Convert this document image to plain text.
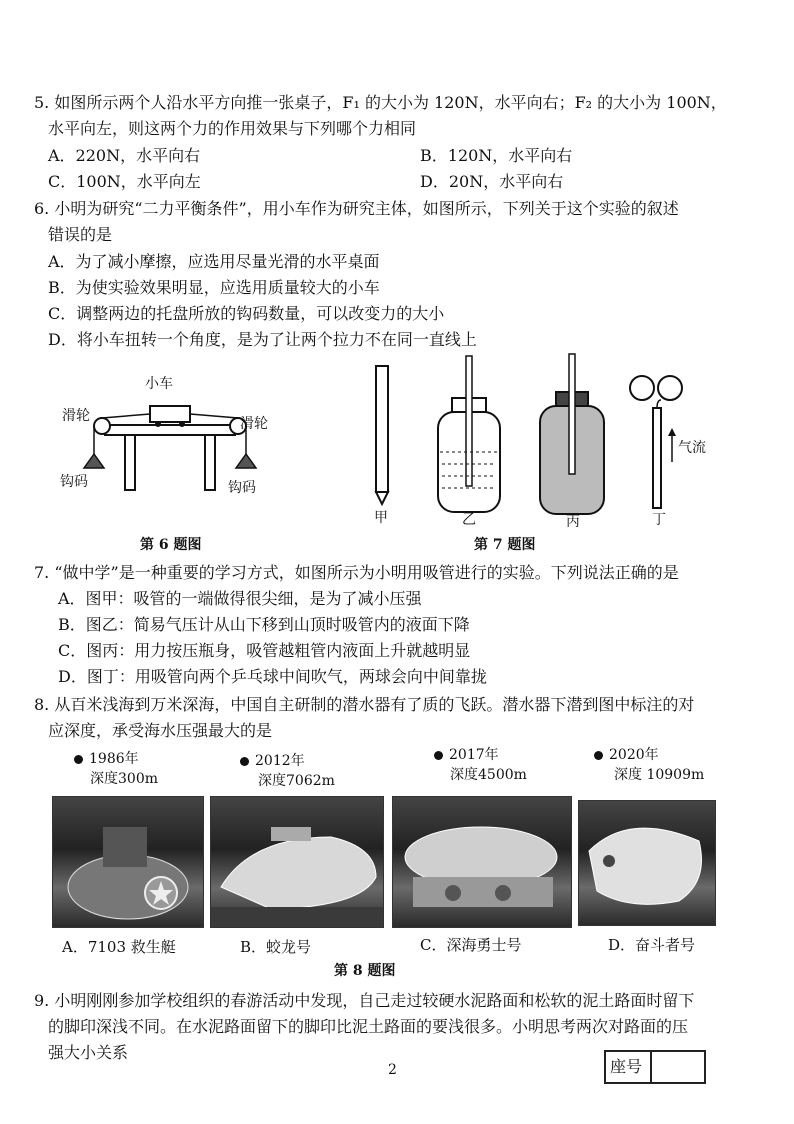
5. 如图所示两个人沿水平方向推一张桌子，F₁ 的大小为 120N，水平向右；F₂ 的大小为 100N，
水平向左，则这两个力的作用效果与下列哪个力相同
A．220N，水平向右	B．120N，水平向右
C．100N，水平向左	D．20N，水平向右
6. 小明为研究“二力平衡条件”，用小车作为研究主体，如图所示，下列关于这个实验的叙述
错误的是
A．为了减小摩擦，应选用尽量光滑的水平桌面
B．为使实验效果明显，应选用质量较大的小车
C．调整两边的托盘所放的钩码数量，可以改变力的大小
D．将小车扭转一个角度，是为了让两个拉力不在同一直线上
小车
滑轮	滑轮
钩码	钩码
第 6 题图
甲	乙	丙	丁
气流
第 7 题图
7. “做中学”是一种重要的学习方式，如图所示为小明用吸管进行的实验。下列说法正确的是
A．图甲：吸管的一端做得很尖细，是为了减小压强
B．图乙：简易气压计从山下移到山顶时吸管内的液面下降
C．图丙：用力按压瓶身，吸管越粗管内液面上升就越明显
D．图丁：用吸管向两个乒乓球中间吹气，两球会向中间靠拢
8. 从百米浅海到万米深海，中国自主研制的潜水器有了质的飞跃。潜水器下潜到图中标注的对
应深度，承受海水压强最大的是
1986年
深度300m
2012年
深度7062m
2017年
深度4500m
2020年
深度 10909m
A．7103 救生艇	B．蛟龙号	C．深海勇士号	D．奋斗者号
第 8 题图
9. 小明刚刚参加学校组织的春游活动中发现，自己走过较硬水泥路面和松软的泥土路面时留下
的脚印深浅不同。在水泥路面留下的脚印比泥土路面的要浅很多。小明思考两次对路面的压
强大小关系
2	座号
